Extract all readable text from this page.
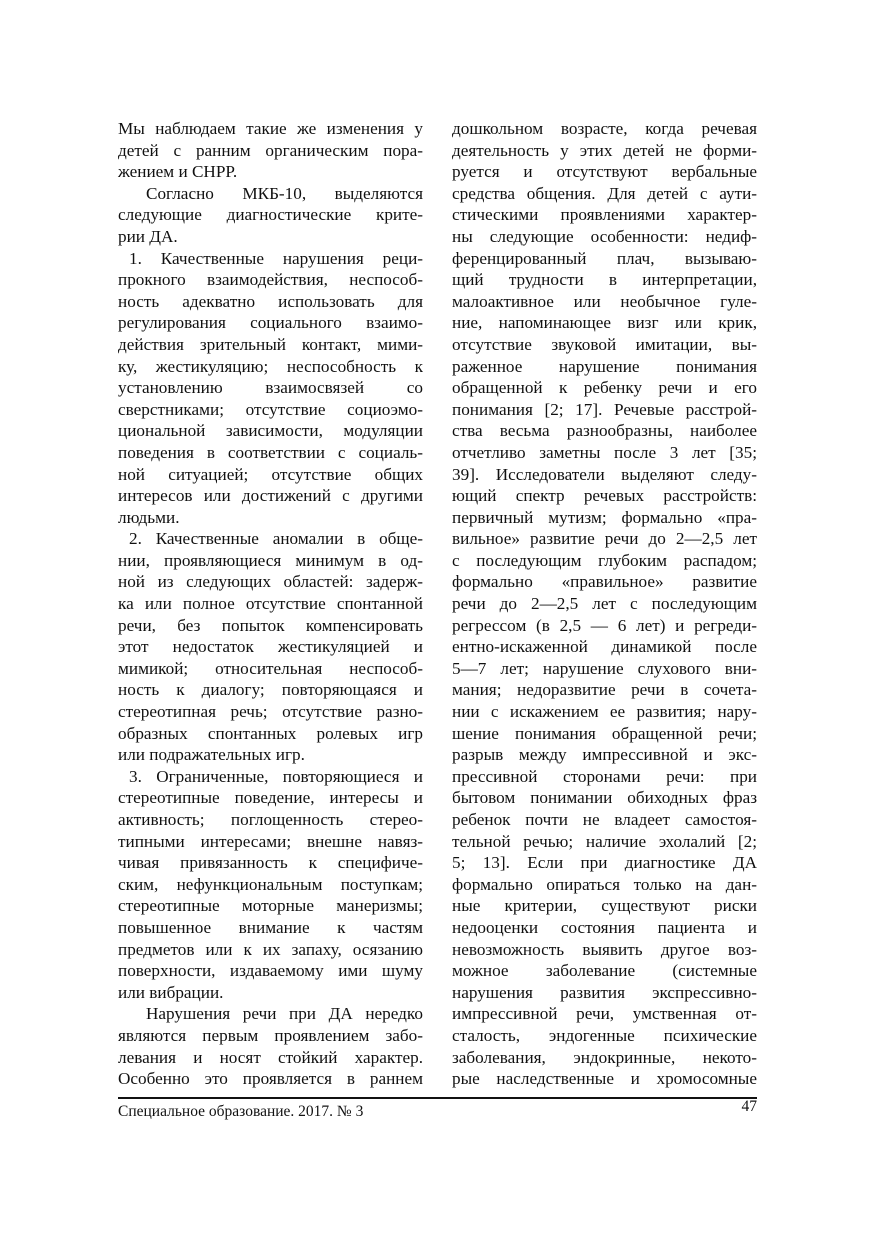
Мы наблюдаем такие же изменения у
детей с ранним органическим пора-
жением и СНРР.
Согласно МКБ-10, выделяются
следующие диагностические крите-
рии ДА.
1. Качественные нарушения реци-
прокного взаимодействия, неспособ-
ность адекватно использовать для
регулирования социального взаимо-
действия зрительный контакт, мими-
ку, жестикуляцию; неспособность к
установлению взаимосвязей со
сверстниками; отсутствие социоэмо-
циональной зависимости, модуляции
поведения в соответствии с социаль-
ной ситуацией; отсутствие общих
интересов или достижений с другими
людьми.
2. Качественные аномалии в обще-
нии, проявляющиеся минимум в од-
ной из следующих областей: задерж-
ка или полное отсутствие спонтанной
речи, без попыток компенсировать
этот недостаток жестикуляцией и
мимикой; относительная неспособ-
ность к диалогу; повторяющаяся и
стереотипная речь; отсутствие разно-
образных спонтанных ролевых игр
или подражательных игр.
3. Ограниченные, повторяющиеся и
стереотипные поведение, интересы и
активность; поглощенность стерео-
типными интересами; внешне навяз-
чивая привязанность к специфиче-
ским, нефункциональным поступкам;
стереотипные моторные манеризмы;
повышенное внимание к частям
предметов или к их запаху, осязанию
поверхности, издаваемому ими шуму
или вибрации.
Нарушения речи при ДА нередко
являются первым проявлением забо-
левания и носят стойкий характер.
Особенно это проявляется в раннем
дошкольном возрасте, когда речевая
деятельность у этих детей не форми-
руется и отсутствуют вербальные
средства общения. Для детей с аути-
стическими проявлениями характер-
ны следующие особенности: недиф-
ференцированный плач, вызываю-
щий трудности в интерпретации,
малоактивное или необычное гуле-
ние, напоминающее визг или крик,
отсутствие звуковой имитации, вы-
раженное нарушение понимания
обращенной к ребенку речи и его
понимания [2; 17]. Речевые расстрой-
ства весьма разнообразны, наиболее
отчетливо заметны после 3 лет [35;
39]. Исследователи выделяют следу-
ющий спектр речевых расстройств:
первичный мутизм; формально «пра-
вильное» развитие речи до 2—2,5 лет
с последующим глубоким распадом;
формально «правильное» развитие
речи до 2—2,5 лет с последующим
регрессом (в 2,5 — 6 лет) и регреди-
ентно-искаженной динамикой после
5—7 лет; нарушение слухового вни-
мания; недоразвитие речи в сочета-
нии с искажением ее развития; нару-
шение понимания обращенной речи;
разрыв между импрессивной и экс-
прессивной сторонами речи: при
бытовом понимании обиходных фраз
ребенок почти не владеет самостоя-
тельной речью; наличие эхолалий [2;
5; 13]. Если при диагностике ДА
формально опираться только на дан-
ные критерии, существуют риски
недооценки состояния пациента и
невозможность выявить другое воз-
можное заболевание (системные
нарушения развития экспрессивно-
импрессивной речи, умственная от-
сталость, эндогенные психические
заболевания, эндокринные, некото-
рые наследственные и хромосомные
Специальное образование. 2017. № 3	47
